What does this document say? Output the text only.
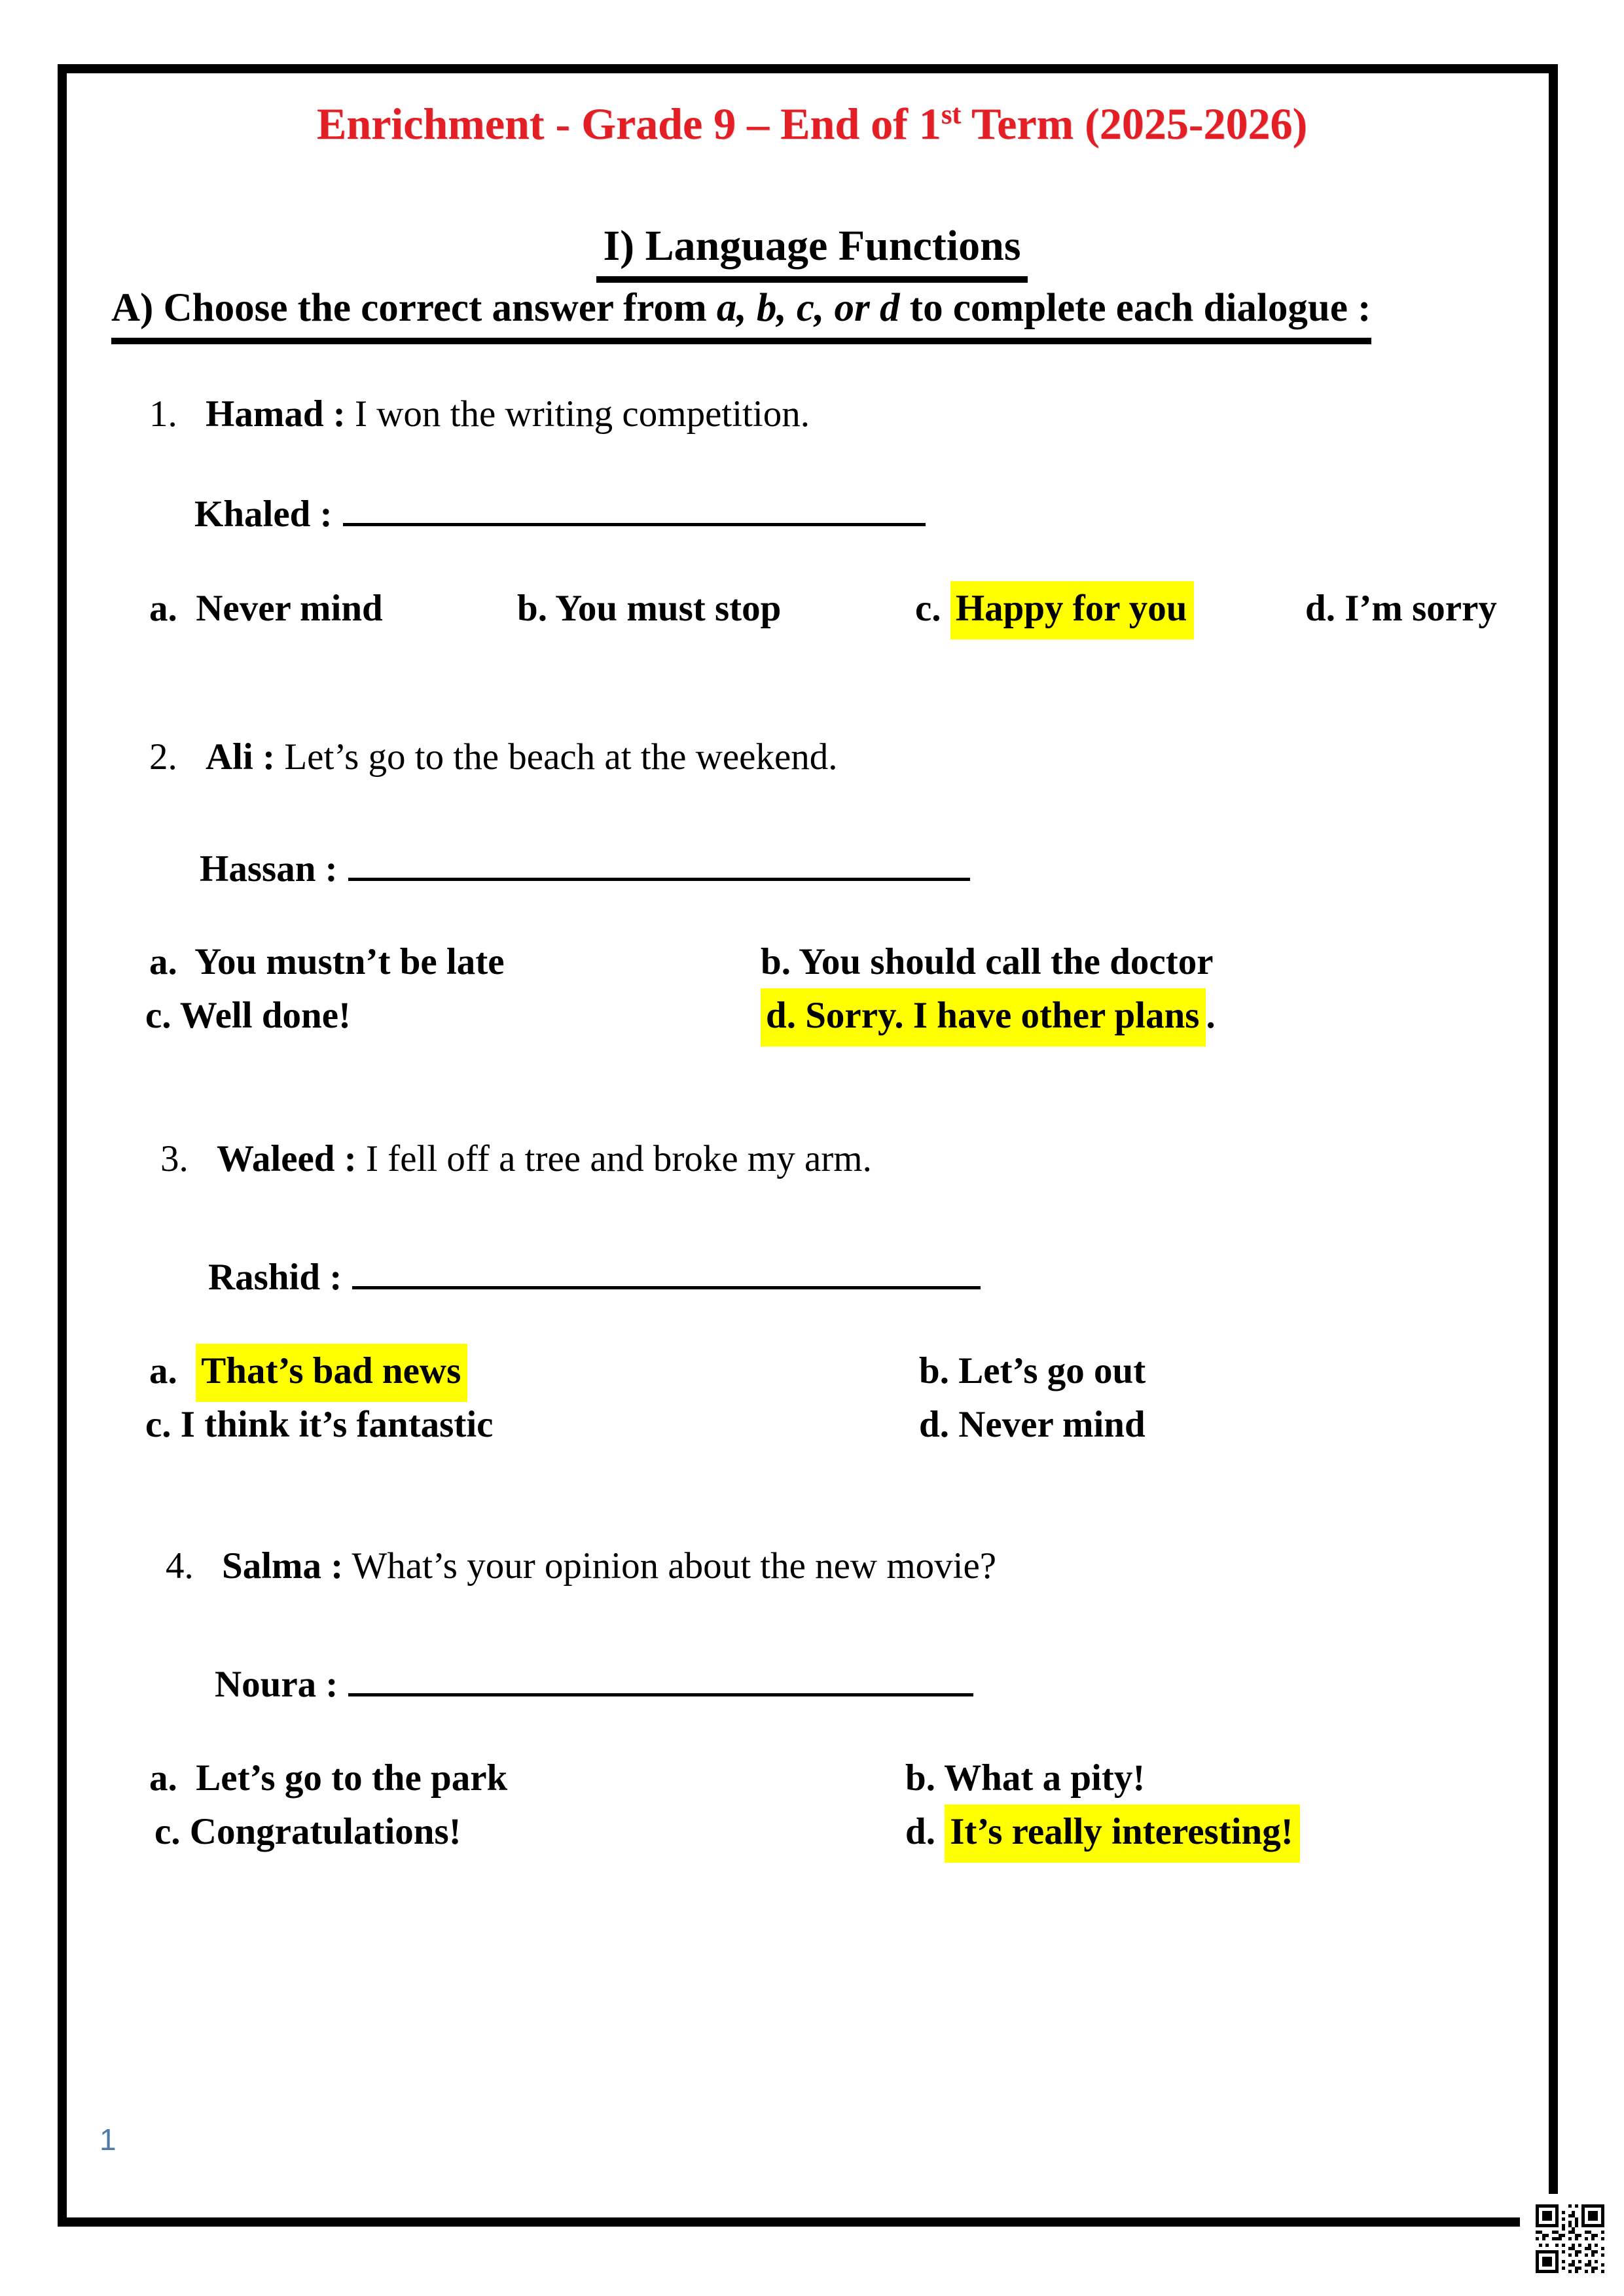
Enrichment - Grade 9 – End of 1st Term (2025-2026)
I) Language Functions
A) Choose the correct answer from a, b, c, or d to complete each dialogue :
1. Hamad : I won the writing competition.
Khaled :
a.  Never mind	b. You must stop	c. Happy for you	d. I’m sorry
2. Ali : Let’s go to the beach at the weekend.
Hassan :
a.  You mustn’t be late	b. You should call the doctor
c. Well done!	d. Sorry. I have other plans .
3. Waleed : I fell off a tree and broke my arm.
Rashid :
a.  That’s bad news	b. Let’s go out
c. I think it’s fantastic	d. Never mind
4. Salma : What’s your opinion about the new movie?
Noura :
a.  Let’s go to the park	b. What a pity!
c. Congratulations!	d. It’s really interesting!
1
